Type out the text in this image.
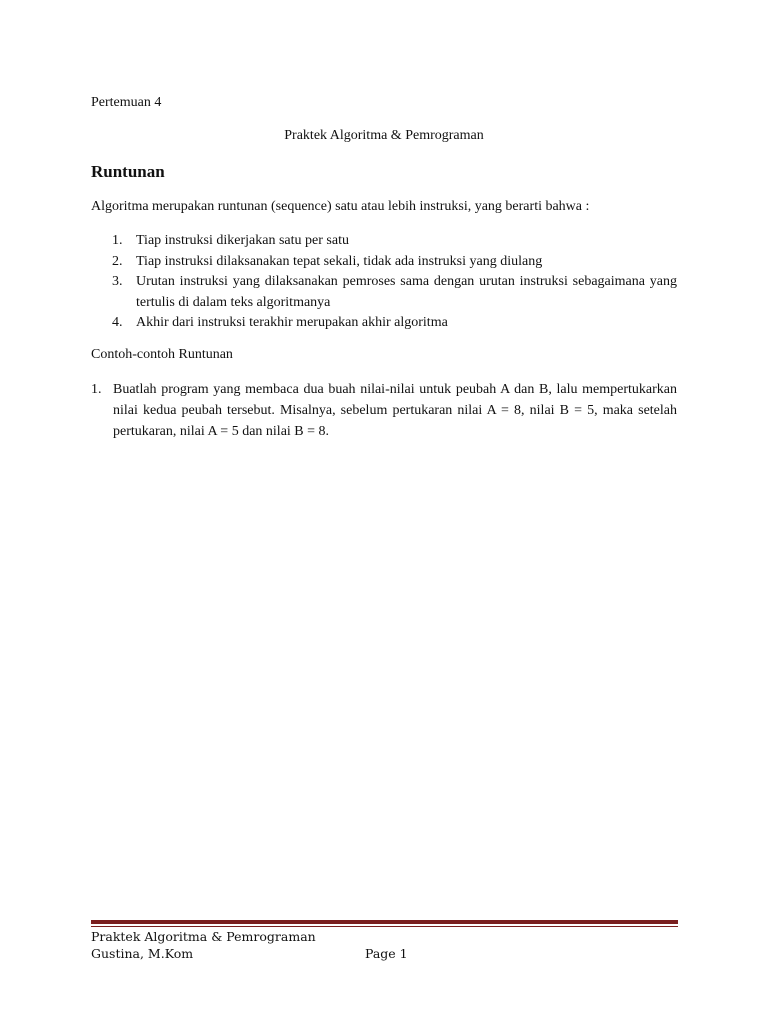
Pertemuan 4
Praktek Algoritma & Pemrograman
Runtunan
Algoritma merupakan runtunan (sequence) satu atau lebih instruksi, yang berarti bahwa :
1. Tiap instruksi dikerjakan satu per satu
2. Tiap instruksi dilaksanakan tepat sekali, tidak ada instruksi yang diulang
3. Urutan instruksi yang dilaksanakan pemroses sama dengan urutan instruksi sebagaimana yang tertulis di dalam teks algoritmanya
4. Akhir dari instruksi terakhir merupakan akhir algoritma
Contoh-contoh Runtunan
1. Buatlah program yang membaca dua buah nilai-nilai untuk peubah A dan B, lalu mempertukarkan nilai kedua peubah tersebut. Misalnya, sebelum pertukaran nilai A = 8, nilai B = 5, maka setelah pertukaran, nilai A = 5 dan nilai B = 8.
Praktek Algoritma & Pemrograman
Gustina, M.Kom	Page 1
